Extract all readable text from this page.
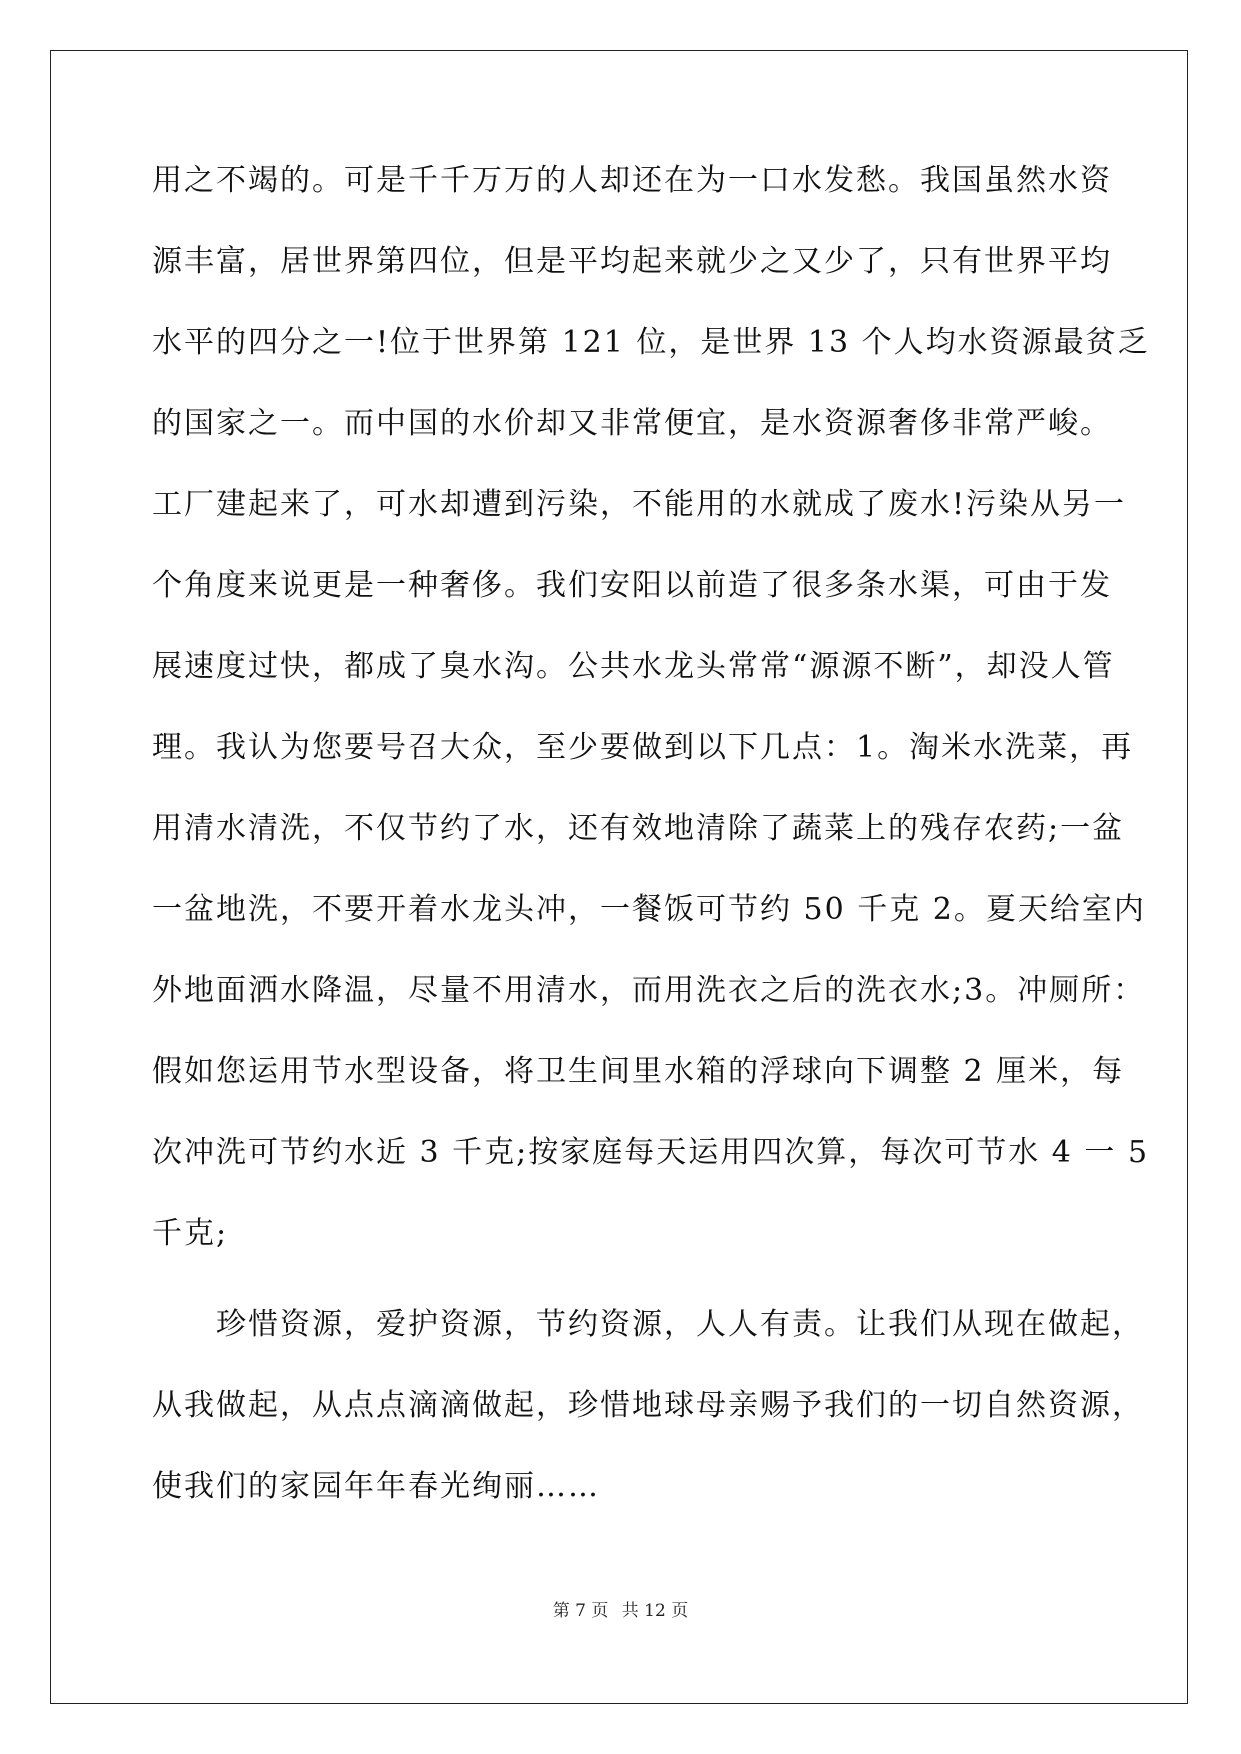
用之不竭的。可是千千万万的人却还在为一口水发愁。我国虽然水资
源丰富，居世界第四位，但是平均起来就少之又少了，只有世界平均
水平的四分之一!位于世界第 121 位，是世界 13 个人均水资源最贫乏
的国家之一。而中国的水价却又非常便宜，是水资源奢侈非常严峻。
工厂建起来了，可水却遭到污染，不能用的水就成了废水!污染从另一
个角度来说更是一种奢侈。我们安阳以前造了很多条水渠，可由于发
展速度过快，都成了臭水沟。公共水龙头常常“源源不断”，却没人管
理。我认为您要号召大众，至少要做到以下几点：1。淘米水洗菜，再
用清水清洗，不仅节约了水，还有效地清除了蔬菜上的残存农药;一盆
一盆地洗，不要开着水龙头冲，一餐饭可节约 50 千克 2。夏天给室内
外地面洒水降温，尽量不用清水，而用洗衣之后的洗衣水;3。冲厕所：
假如您运用节水型设备，将卫生间里水箱的浮球向下调整 2 厘米，每
次冲洗可节约水近 3 千克;按家庭每天运用四次算，每次可节水 4 一 5
千克;
　　珍惜资源，爱护资源，节约资源，人人有责。让我们从现在做起，
从我做起，从点点滴滴做起，珍惜地球母亲赐予我们的一切自然资源，
使我们的家园年年春光绚丽……
第 7 页 共 12 页
